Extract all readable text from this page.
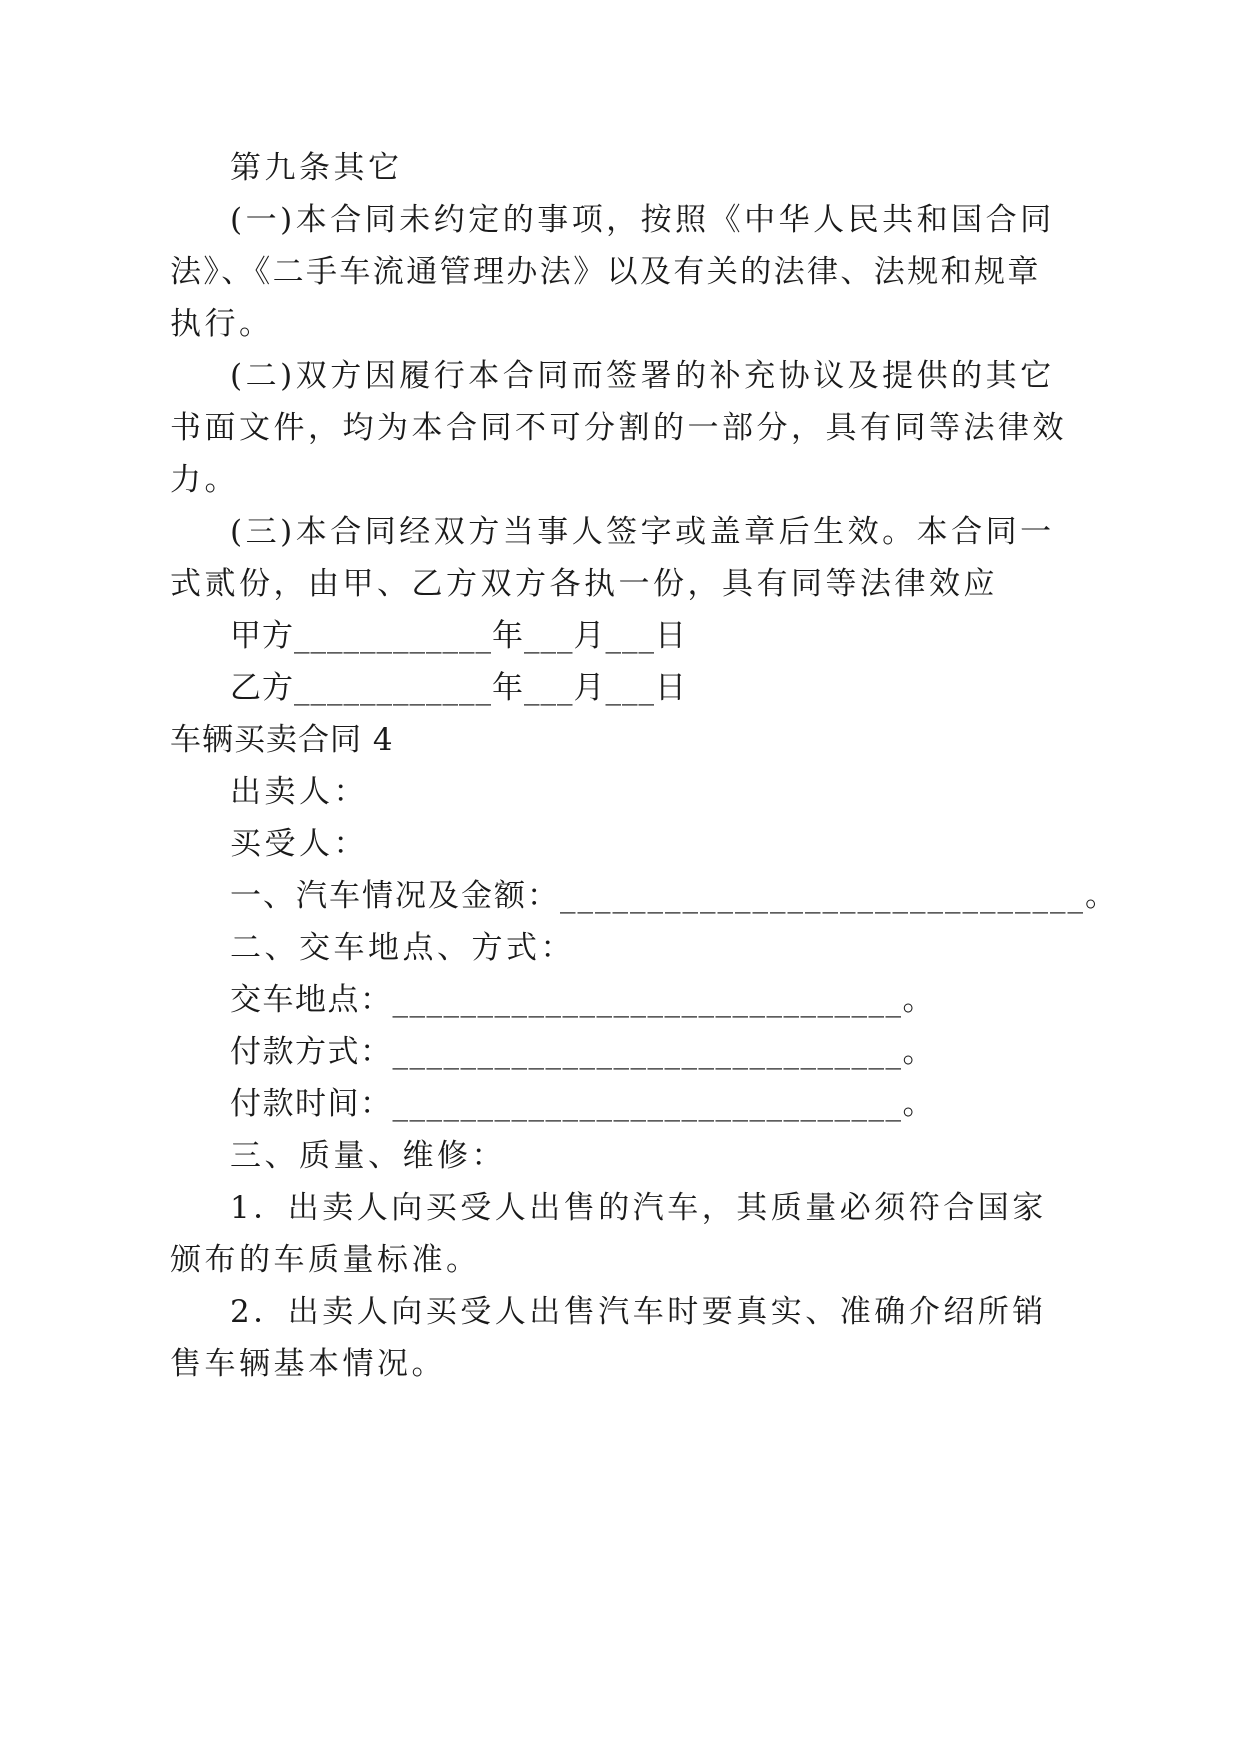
第九条其它
(一)本合同未约定的事项，按照《中华人民共和国合同
法》、《二手车流通管理办法》以及有关的法律、法规和规章
执行。
(二)双方因履行本合同而签署的补充协议及提供的其它
书面文件，均为本合同不可分割的一部分，具有同等法律效
力。
(三)本合同经双方当事人签字或盖章后生效。本合同一
式贰份，由甲、乙方双方各执一份，具有同等法律效应
甲方____________年___月___日
乙方____________年___月___日
车辆买卖合同 4
出卖人：
买受人：
一、汽车情况及金额：______________________________。
二、交车地点、方式：
交车地点：______________________________。
付款方式：______________________________。
付款时间：______________________________。
三、质量、维修：
1．出卖人向买受人出售的汽车，其质量必须符合国家
颁布的车质量标准。
2．出卖人向买受人出售汽车时要真实、准确介绍所销
售车辆基本情况。
